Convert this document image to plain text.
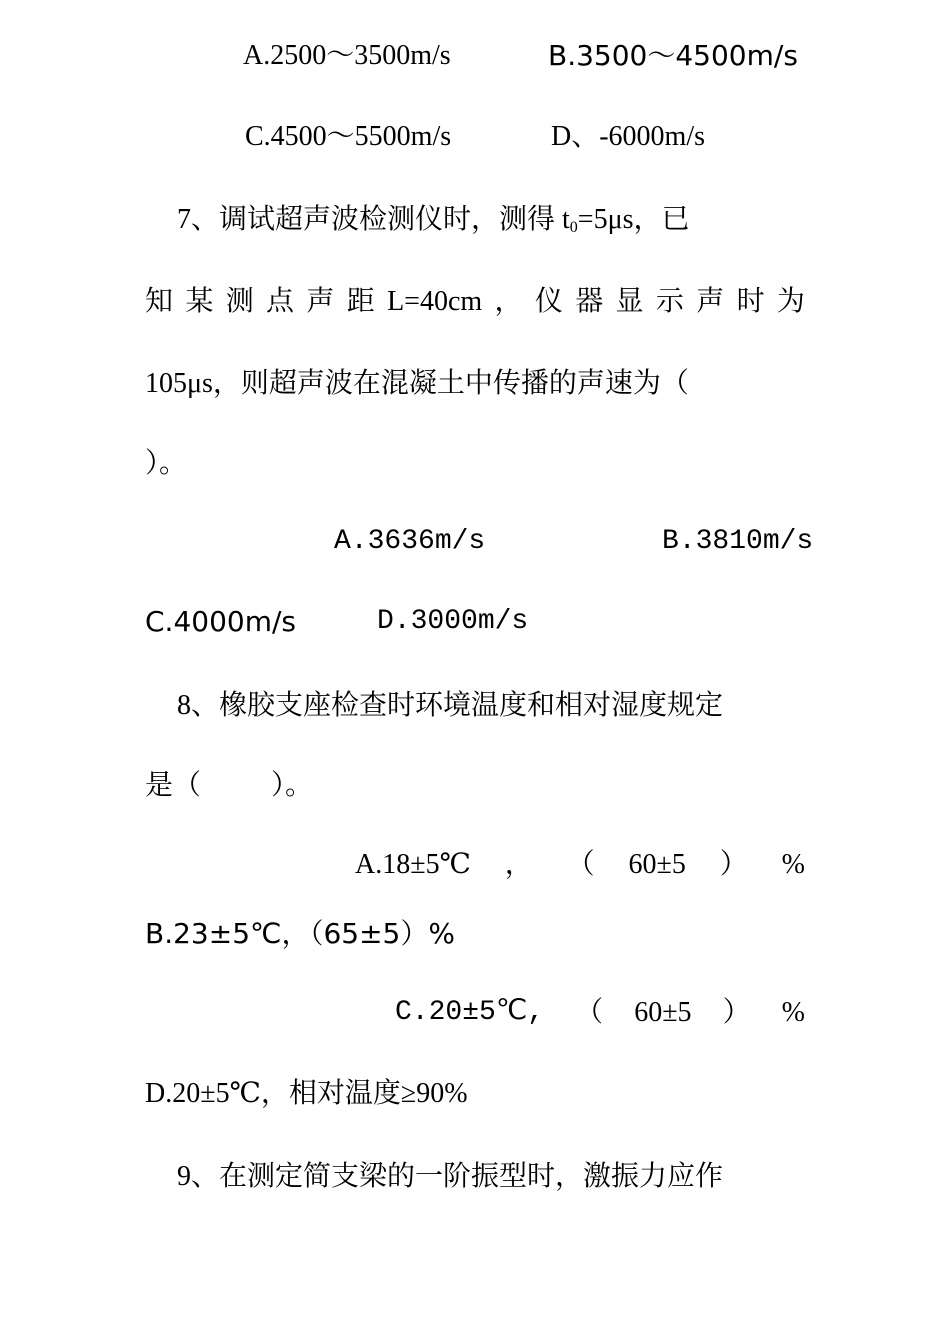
A.2500～3500m/s	B.3500～4500m/s
C.4500～5500m/s	D、-6000m/s
7、调试超声波检测仪时，测得 $t_0=5\mu s$，已
知 某 测 点 声 距 L=40cm ， 仪 器 显 示 声 时 为
105μs，则超声波在混凝土中传播的声速为（
）。
A.3636m/s	B.3810m/s
C.4000m/s	D.3000m/s
8、橡胶支座检查时环境温度和相对湿度规定
是（          ）。
A.18±5℃ ， （ 60±5 ） %
B.23±5℃，（65±5）%
C.20±5℃, （ 60±5 ） %
D.20±5℃，相对温度≥90%
9、在测定简支梁的一阶振型时，激振力应作
